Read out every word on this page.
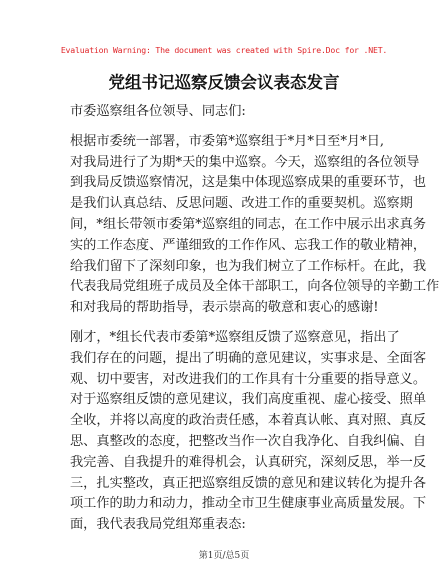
Evaluation Warning: The document was created with Spire.Doc for .NET.
党组书记巡察反馈会议表态发言
市委巡察组各位领导、同志们:
根据市委统一部署，市委第*巡察组于*月*日至*月*日,
对我局进行了为期*天的集中巡察。今天，巡察组的各位领导
到我局反馈巡察情况，这是集中体现巡察成果的重要环节，也
是我们认真总结、反思问题、改进工作的重要契机。巡察期
间，*组长带领市委第*巡察组的同志，在工作中展示出求真务
实的工作态度、严谨细致的工作作风、忘我工作的敬业精神，
给我们留下了深刻印象，也为我们树立了工作标杆。在此，我
代表我局党组班子成员及全体干部职工，向各位领导的辛勤工作
和对我局的帮助指导，表示崇高的敬意和衷心的感谢!
刚才，*组长代表市委第*巡察组反馈了巡察意见，指出了
我们存在的问题，提出了明确的意见建议，实事求是、全面客
观、切中要害，对改进我们的工作具有十分重要的指导意义。
对于巡察组反馈的意见建议，我们高度重视、虚心接受、照单
全收，并将以高度的政治责任感，本着真认帐、真对照、真反
思、真整改的态度，把整改当作一次自我净化、自我纠偏、自
我完善、自我提升的难得机会，认真研究，深刻反思，举一反
三，扎实整改，真正把巡察组反馈的意见和建议转化为提升各
项工作的助力和动力，推动全市卫生健康事业高质量发展。下
面，我代表我局党组郑重表态:
第1页/总5页
